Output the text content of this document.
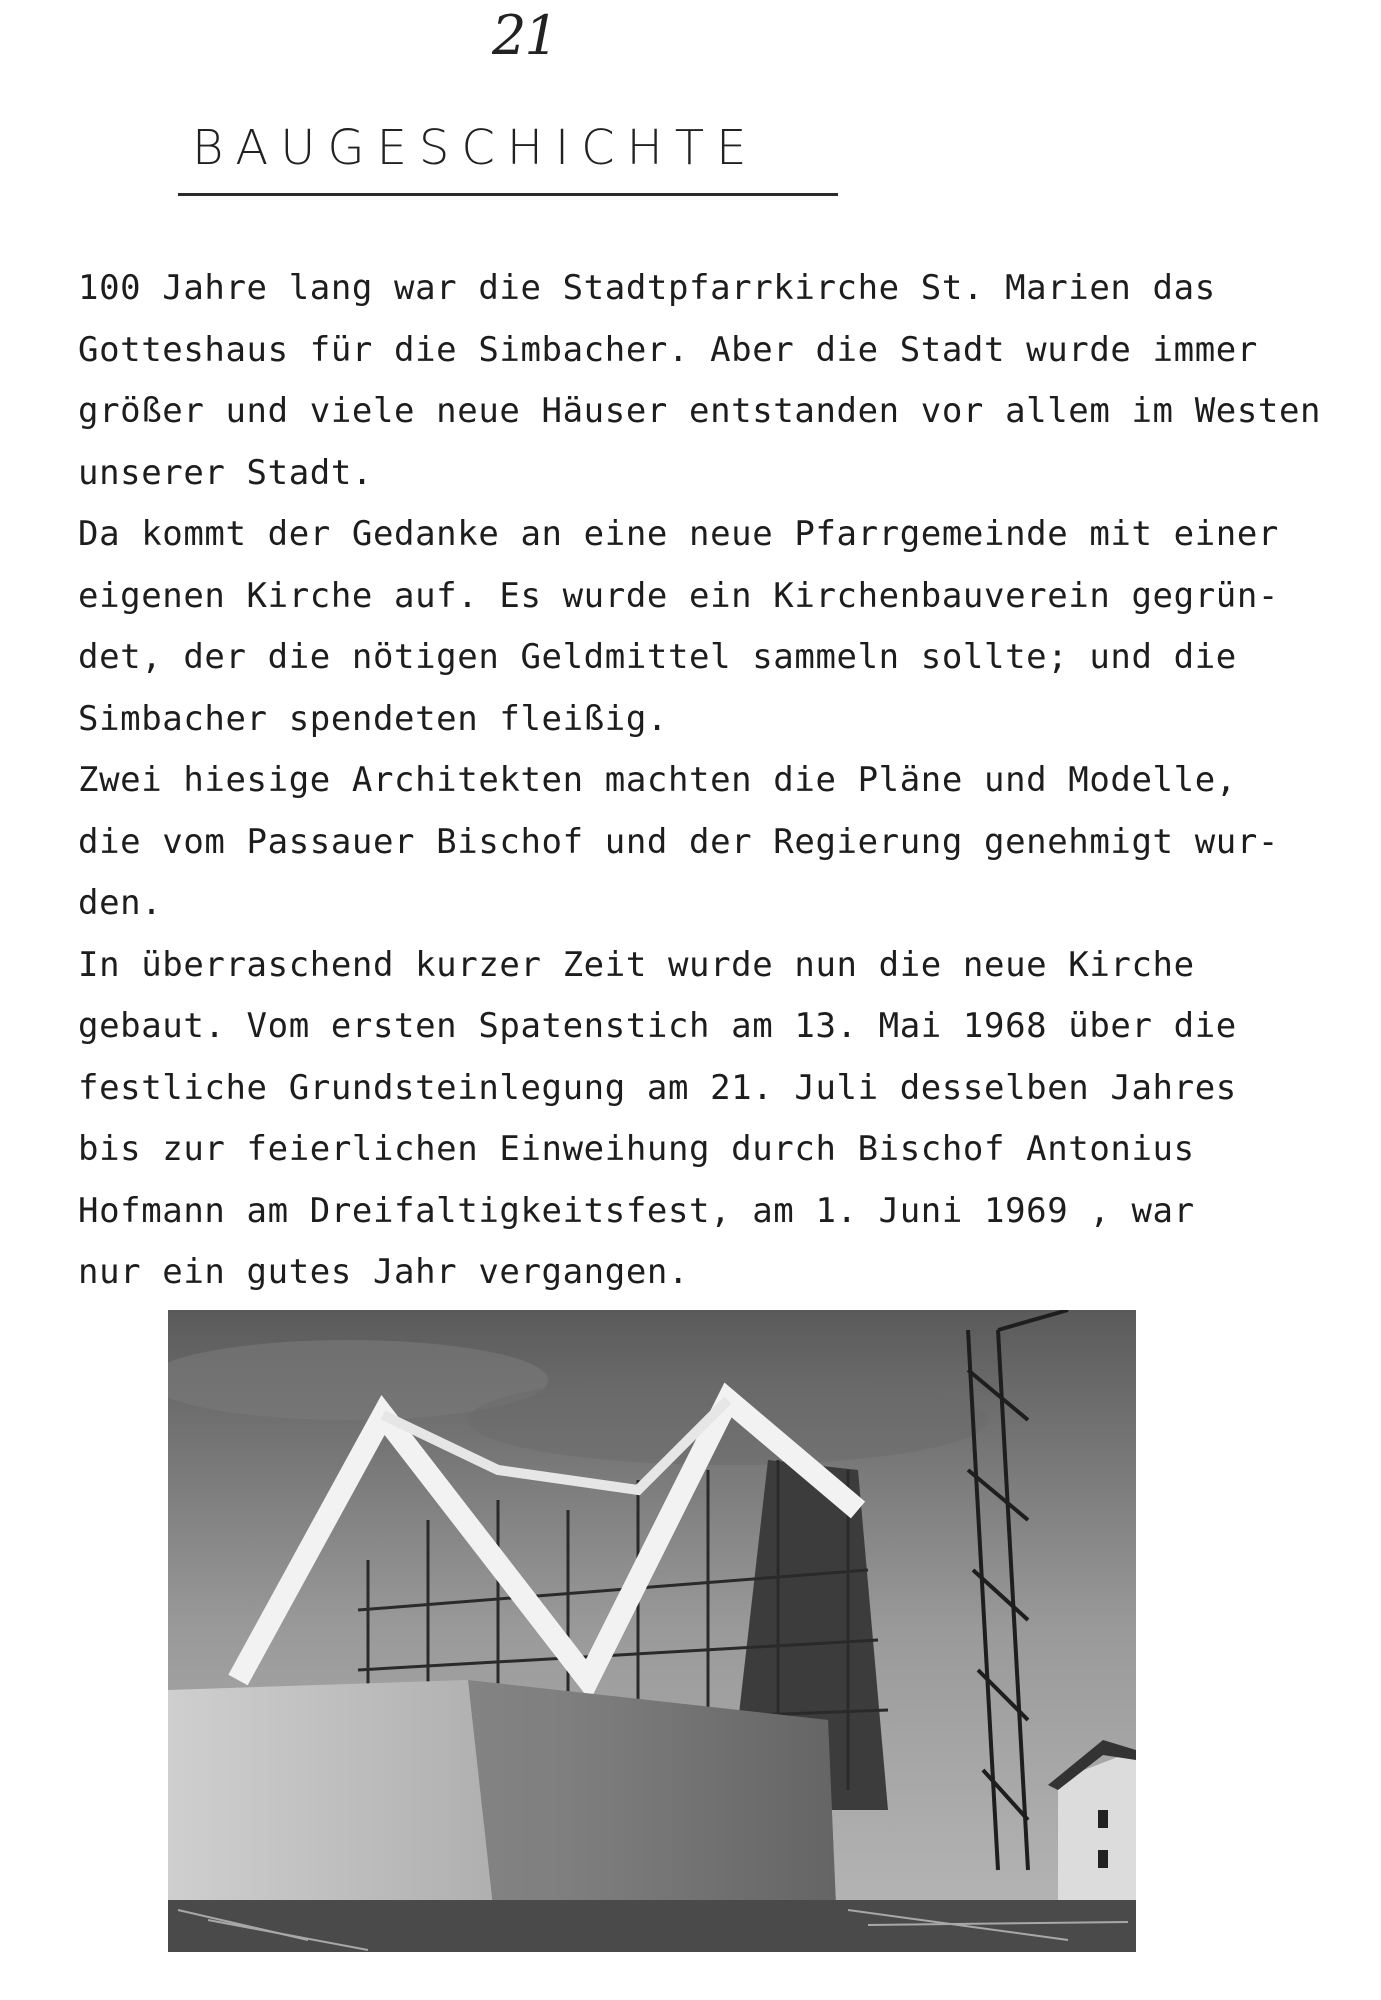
21
BAUGESCHICHTE
100 Jahre lang war die Stadtpfarrkirche St. Marien das
Gotteshaus für die Simbacher. Aber die Stadt wurde immer
größer und viele neue Häuser entstanden vor allem im Westen
unserer Stadt.
Da kommt der Gedanke an eine neue Pfarrgemeinde mit einer
eigenen Kirche auf. Es wurde ein Kirchenbauverein gegrün-
det, der die nötigen Geldmittel sammeln sollte; und die
Simbacher spendeten fleißig.
Zwei hiesige Architekten machten die Pläne und Modelle,
die vom Passauer Bischof und der Regierung genehmigt wur-
den.
In überraschend kurzer Zeit wurde nun die neue Kirche
gebaut. Vom ersten Spatenstich am 13. Mai 1968 über die
festliche Grundsteinlegung am 21. Juli desselben Jahres
bis zur feierlichen Einweihung durch Bischof Antonius
Hofmann am Dreifaltigkeitsfest, am 1. Juni 1969 , war
nur ein gutes Jahr vergangen.
